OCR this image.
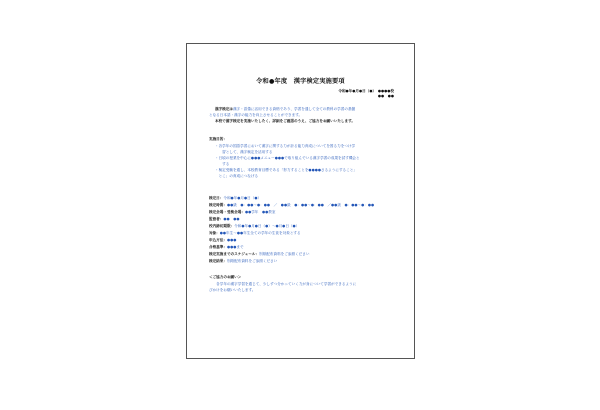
令和●年度　漢字検定実施要項
令和●年●月●日（●）　●●●●校
●●　●●
漢字検定は漢字・語彙に活用できる資格であり、学習を通して全ての教科の学習の基盤
となる日本語・漢字の能力を向上させることができます。
本校で漢字検定を実施いたしたく、詳細をご確認のうえ、ご協力をお願いいたします。
実施目的：
・各学年の国語学習において漢字に関する力が計る能力育成についてを図る力をつけ学
　　習として、漢字検定を活用する
・日頃の授業を中心に●●●メニュー●●●で取り組んでいる漢字学習の成果を試す機会と
　　する
・検定受験を通し、本校教育目標である「努力することを●●●●さるようにすること」
　とこ」の育成につなげる
検定日：令和●年●月●日（●）
検定時間：●●級　●：●●～●：●●　／　●●級　●：●●～●：●●　／●●級　●：●●～●：●●
検定会場・受検会場：●●学年　●●教室
監督者：●●　●●
校内締切期限：令和●年●月●日（●）～●月●日（●）
対象：●●年生～●●年生全ての学年の生徒を対象とする
申込方法：●●●
合格基準：●●●まで
検定実施までのスケジュール：別紙配布資料をご参照ください
検定結果：別紙配布資料をご参照ください
＜ご協力のお願い＞
　　各学年の漢字学習を通じて、少しずつ分かっていく力が身について学習ができるように
びかけをお願いいたします。
